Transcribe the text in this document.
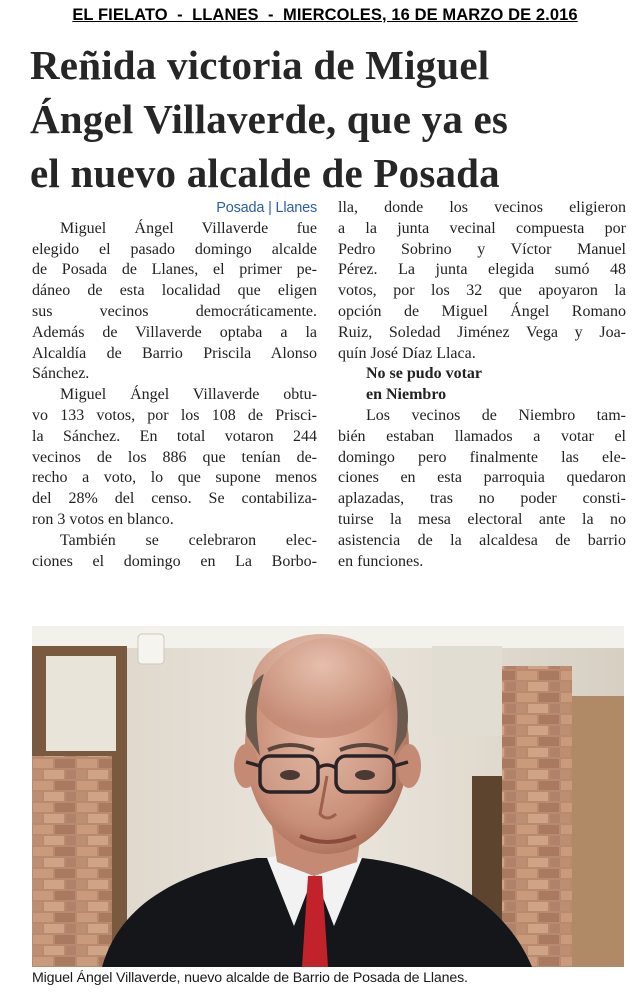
EL FIELATO  -  LLANES  -  MIERCOLES, 16 DE MARZO DE 2.016
Reñida victoria de Miguel
Ángel Villaverde, que ya es
el nuevo alcalde de Posada
Posada | Llanes
Miguel Ángel Villaverde fue
elegido el pasado domingo alcalde
de Posada de Llanes, el primer pe-
dáneo de esta localidad que eligen
sus vecinos democráticamente.
Además de Villaverde optaba a la
Alcaldía de Barrio Priscila Alonso
Sánchez.
Miguel Ángel Villaverde obtu-
vo 133 votos, por los 108 de Prisci-
la Sánchez. En total votaron 244
vecinos de los 886 que tenían de-
recho a voto, lo que supone menos
del 28% del censo. Se contabiliza-
ron 3 votos en blanco.
También se celebraron elec-
ciones el domingo en La Borbo-
lla, donde los vecinos eligieron
a la junta vecinal compuesta por
Pedro Sobrino y Víctor Manuel
Pérez. La junta elegida sumó 48
votos, por los 32 que apoyaron la
opción de Miguel Ángel Romano
Ruiz, Soledad Jiménez Vega y Joa-
quín José Díaz Llaca.
No se pudo votar
en Niembro
Los vecinos de Niembro tam-
bién estaban llamados a votar el
domingo pero finalmente las ele-
ciones en esta parroquia quedaron
aplazadas, tras no poder consti-
tuirse la mesa electoral ante la no
asistencia de la alcaldesa de barrio
en funciones.
Miguel Ángel Villaverde, nuevo alcalde de Barrio de Posada de Llanes.
